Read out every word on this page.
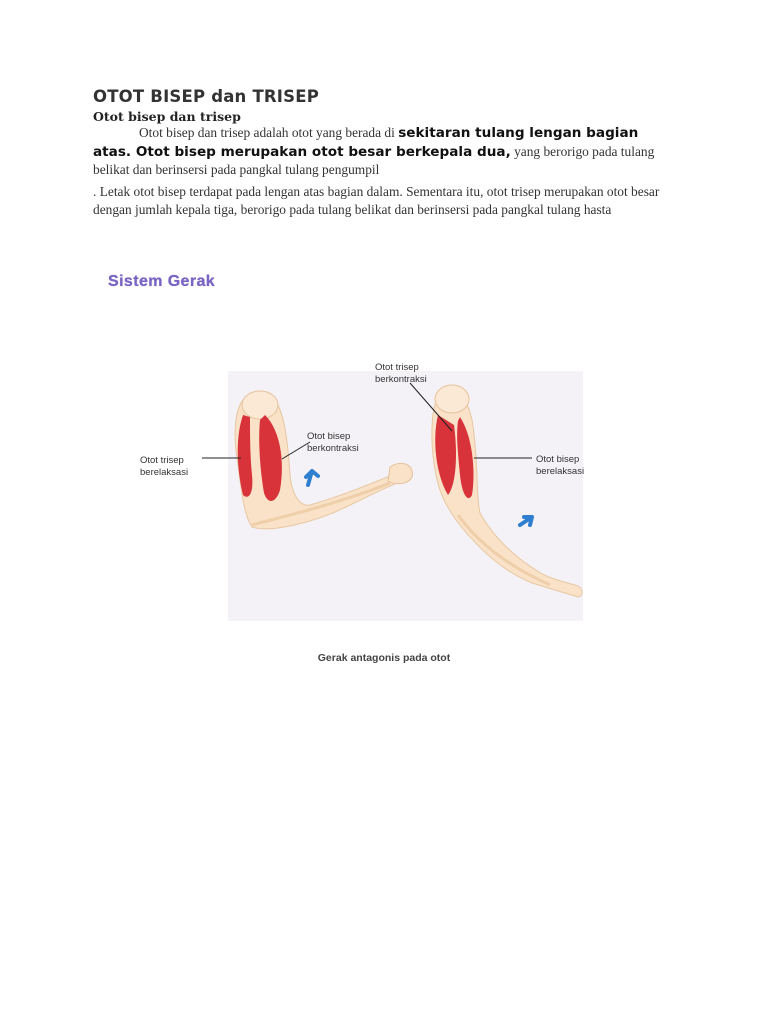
OTOT BISEP dan TRISEP
Otot bisep dan trisep
Otot bisep dan trisep adalah otot yang berada di sekitaran tulang lengan bagian
atas. Otot bisep merupakan otot besar berkepala dua, yang berorigo pada tulang
belikat dan berinsersi pada pangkal tulang pengumpil
. Letak otot bisep terdapat pada lengan atas bagian dalam. Sementara itu, otot trisep merupakan otot besar dengan jumlah kepala tiga, berorigo pada tulang belikat dan berinsersi pada pangkal tulang hasta
Sistem Gerak
Otot trisep
berelaksasi
Otot bisep
berkontraksi
Otot trisep
berkontraksi
Otot bisep
berelaksasi
Gerak antagonis pada otot
